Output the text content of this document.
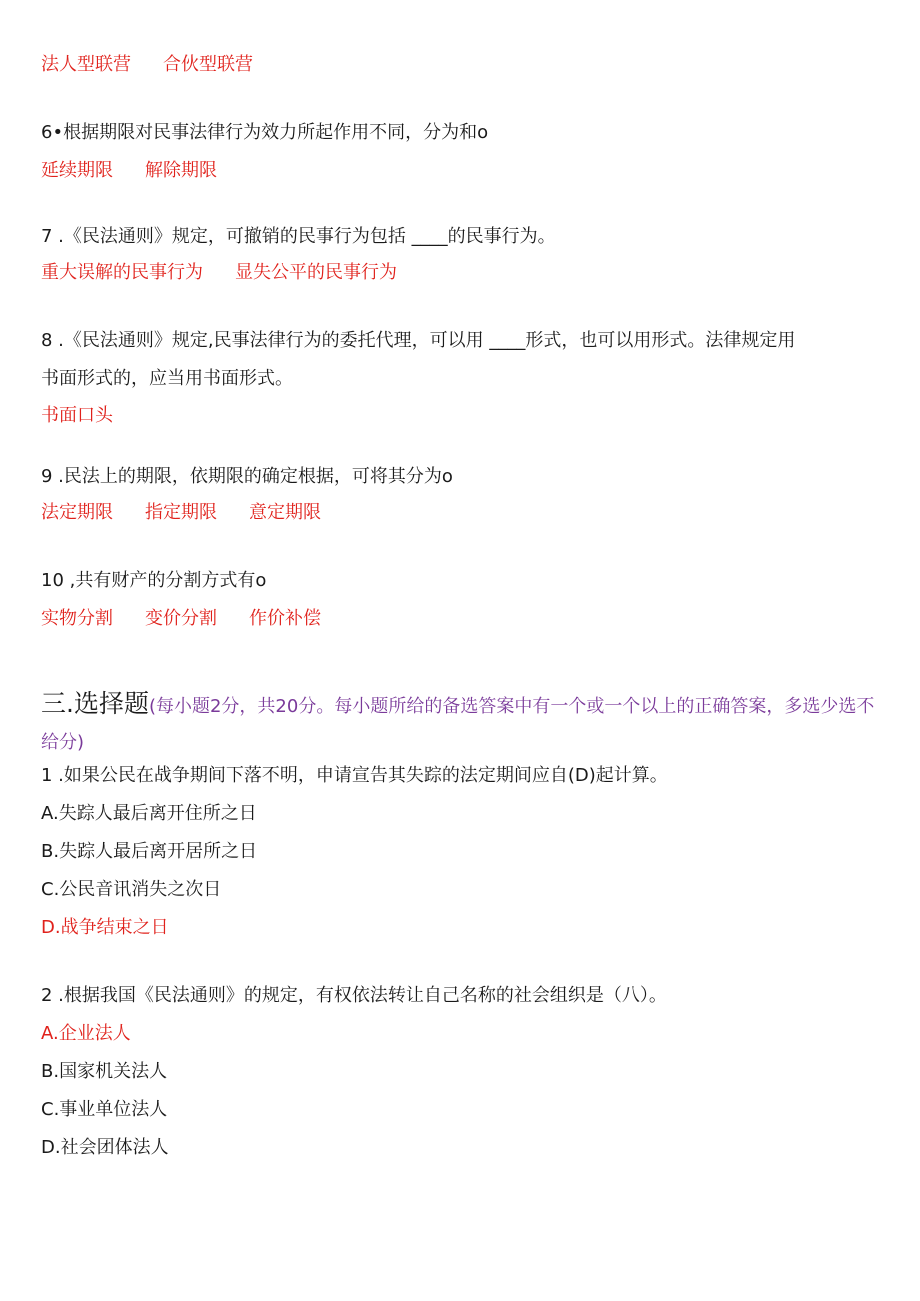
法人型联营 合伙型联营
6•根据期限对民事法律行为效力所起作用不同，分为和o
延续期限 解除期限
7 .《民法通则》规定，可撤销的民事行为包括 ____的民事行为。
重大误解的民事行为 显失公平的民事行为
8 .《民法通则》规定,民事法律行为的委托代理，可以用 ____形式，也可以用形式。法律规定用
书面形式的，应当用书面形式。
书面口头
9 .民法上的期限，依期限的确定根据，可将其分为o
法定期限 指定期限 意定期限
10 ,共有财产的分割方式有o
实物分割 变价分割 作价补偿
三.选择题(每小题2分，共20分。每小题所给的备选答案中有一个或一个以上的正确答案，多选少选不给分)
1 .如果公民在战争期间下落不明，申请宣告其失踪的法定期间应自(D)起计算。
A.失踪人最后离开住所之日
B.失踪人最后离开居所之日
C.公民音讯消失之次日
D.战争结束之日
2 .根据我国《民法通则》的规定，有权依法转让自己名称的社会组织是（八）。
A.企业法人
B.国家机关法人
C.事业单位法人
D.社会团体法人
